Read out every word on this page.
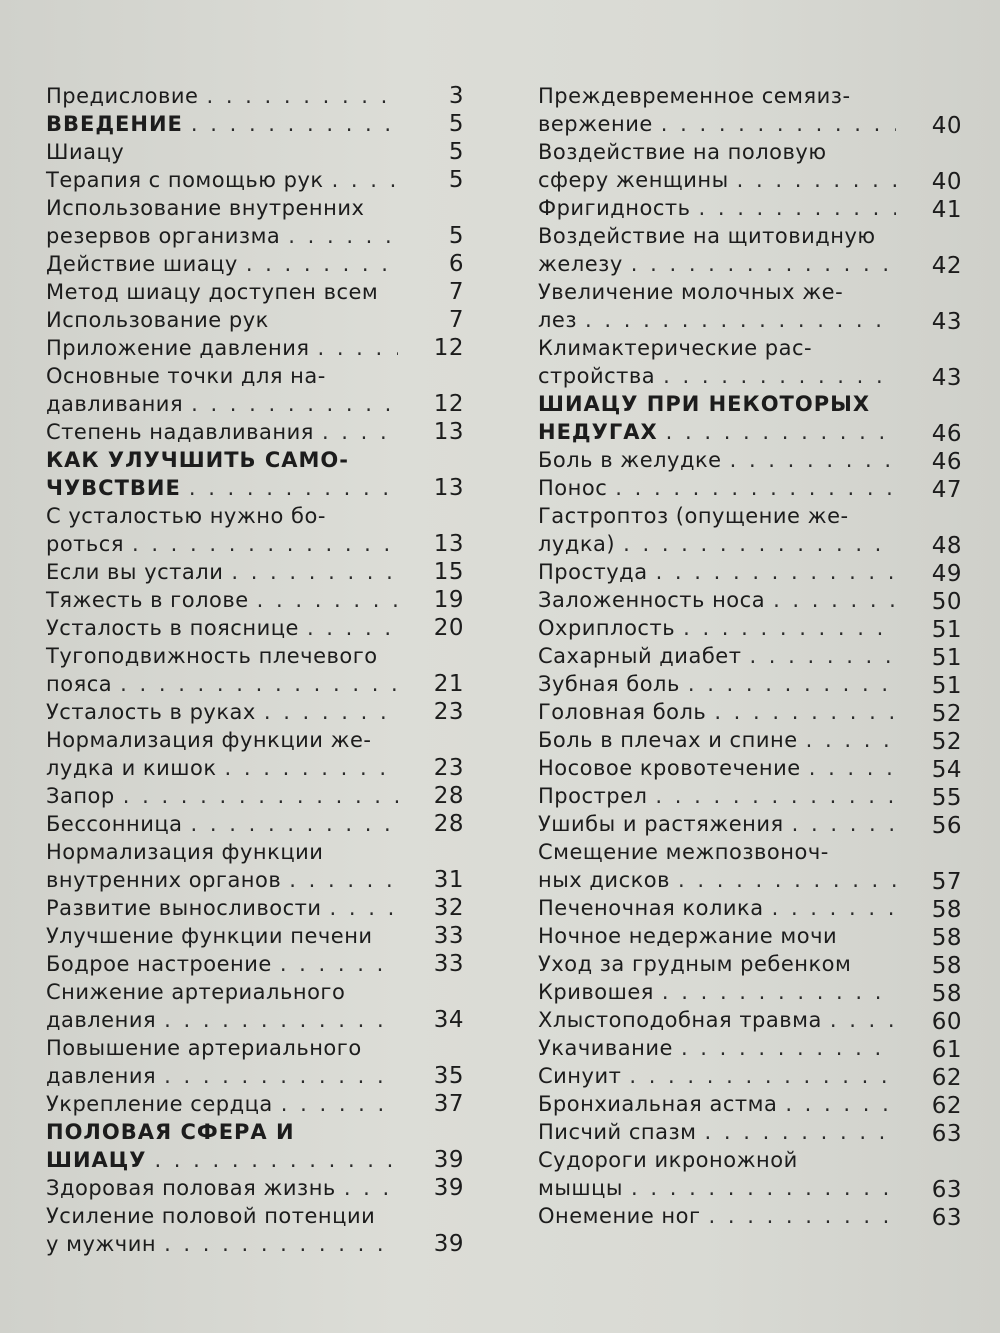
Предисловие . . .	3
ВВЕДЕНИЕ . . .	5
Шиацу	5
Терапия с помощью рук . . .	5
Использование внутренних
резервов организма . . .	5
Действие шиацу . . .	6
Метод шиацу доступен всем	7
Использование рук	7
Приложение давления . . .	12
Основные точки для на-
давливания . . .	12
Степень надавливания . . .	13
КАК УЛУЧШИТЬ САМО-
ЧУВСТВИЕ . . .	13
С усталостью нужно бо-
роться . . .	13
Если вы устали . . .	15
Тяжесть в голове . . .	19
Усталость в пояснице . . .	20
Тугоподвижность плечевого
пояса . . .	21
Усталость в руках . . .	23
Нормализация функции же-
лудка и кишок . . .	23
Запор . . .	28
Бессонница . . .	28
Нормализация функции
внутренних органов . . .	31
Развитие выносливости . . .	32
Улучшение функции печени	33
Бодрое настроение . . .	33
Снижение артериального
давления . . .	34
Повышение артериального
давления . . .	35
Укрепление сердца . . .	37
ПОЛОВАЯ СФЕРА И
ШИАЦУ . . .	39
Здоровая половая жизнь . . .	39
Усиление половой потенции
у мужчин . . .	39
Преждевременное семяиз-
вержение . . .	40
Воздействие на половую
сферу женщины . . .	40
Фригидность . . .	41
Воздействие на щитовидную
железу . . .	42
Увеличение молочных же-
лез . . .	43
Климактерические рас-
стройства . . .	43
ШИАЦУ ПРИ НЕКОТОРЫХ
НЕДУГАХ . . .	46
Боль в желудке . . .	46
Понос . . .	47
Гастроптоз (опущение же-
лудка) . . .	48
Простуда . . .	49
Заложенность носа . . .	50
Охриплость . . .	51
Сахарный диабет . . .	51
Зубная боль . . .	51
Головная боль . . .	52
Боль в плечах и спине . . .	52
Носовое кровотечение . . .	54
Прострел . . .	55
Ушибы и растяжения . . .	56
Смещение межпозвоноч-
ных дисков . . .	57
Печеночная колика . . .	58
Ночное недержание мочи	58
Уход за грудным ребенком	58
Кривошея . . .	58
Хлыстоподобная травма . . .	60
Укачивание . . .	61
Синуит . . .	62
Бронхиальная астма . . .	62
Писчий спазм . . .	63
Судороги икроножной
мышцы . . .	63
Онемение ног . . .	63
